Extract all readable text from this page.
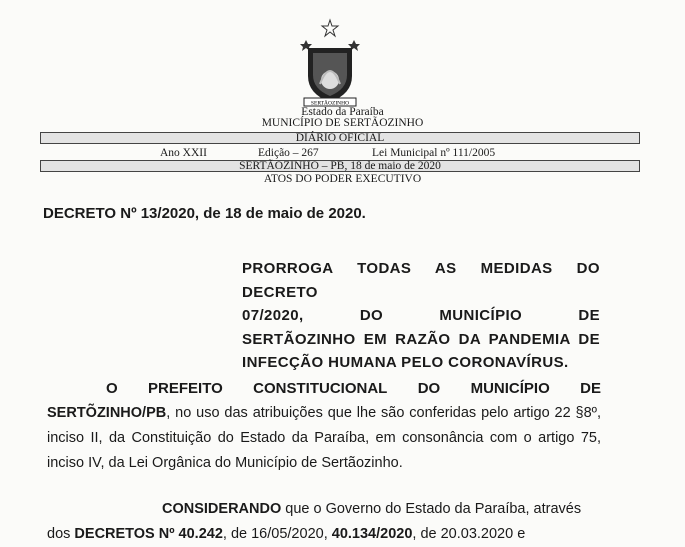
SERTÃOZINHO
Estado da Paraíba
MUNICÍPIO DE SERTÃOZINHO
DIÁRIO OFICIAL
Ano XXII	Edição – 267	Lei Municipal nº 111/2005
SERTÃOZINHO – PB, 18 de maio de 2020
ATOS DO PODER EXECUTIVO
DECRETO Nº 13/2020, de 18 de maio de 2020.
PRORROGA TODAS AS MEDIDAS DO DECRETO
07/2020, DO MUNICÍPIO DE
SERTÃOZINHO EM RAZÃO DA PANDEMIA DE
INFECÇÃO HUMANA PELO CORONAVÍRUS.
O PREFEITO CONSTITUCIONAL DO MUNICÍPIO DE
SERTÕZINHO/PB, no uso das atribuições que lhe são conferidas pelo artigo 22 §8º, inciso II, da Constituição do Estado da Paraíba, em consonância com o artigo 75, inciso IV, da Lei Orgânica do Município de Sertãozinho.
CONSIDERANDO que o Governo do Estado da Paraíba, através
dos DECRETOS Nº 40.242, de 16/05/2020, 40.134/2020, de 20.03.2020 e
